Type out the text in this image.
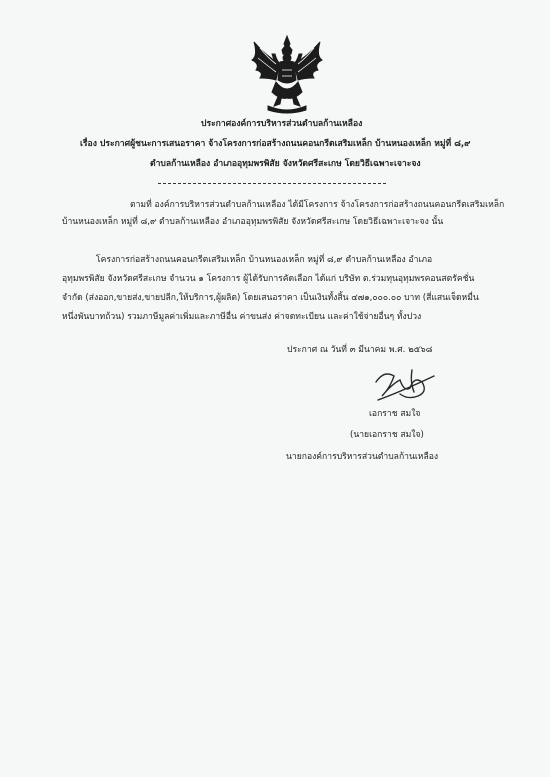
ประกาศองค์การบริหารส่วนตำบลก้านเหลือง
เรื่อง ประกาศผู้ชนะการเสนอราคา จ้างโครงการก่อสร้างถนนคอนกรีตเสริมเหล็ก บ้านหนองเหล็ก หมู่ที่ ๘,๙
ตำบลก้านเหลือง อำเภออุทุมพรพิสัย จังหวัดศรีสะเกษ โดยวิธีเฉพาะเจาะจง
ตามที่ องค์การบริหารส่วนตำบลก้านเหลือง ได้มีโครงการ จ้างโครงการก่อสร้างถนนคอนกรีตเสริมเหล็ก
บ้านหนองเหล็ก หมู่ที่ ๘,๙ ตำบลก้านเหลือง อำเภออุทุมพรพิสัย จังหวัดศรีสะเกษ โดยวิธีเฉพาะเจาะจง นั้น
โครงการก่อสร้างถนนคอนกรีตเสริมเหล็ก บ้านหนองเหล็ก หมู่ที่ ๘,๙ ตำบลก้านเหลือง อำเภอ
อุทุมพรพิสัย จังหวัดศรีสะเกษ จำนวน ๑ โครงการ ผู้ได้รับการคัดเลือก ได้แก่ บริษัท ต.ร่วมทุนอุทุมพรคอนสตรัคชั่น
จำกัด (ส่งออก,ขายส่ง,ขายปลีก,ให้บริการ,ผู้ผลิต) โดยเสนอราคา เป็นเงินทั้งสิ้น ๔๗๑,๐๐๐.๐๐ บาท (สี่แสนเจ็ดหมื่น
หนึ่งพันบาทถ้วน) รวมภาษีมูลค่าเพิ่มและภาษีอื่น ค่าขนส่ง ค่าจดทะเบียน และค่าใช้จ่ายอื่นๆ ทั้งปวง
ประกาศ ณ วันที่ ๓ มีนาคม พ.ศ. ๒๕๖๘
เอกราช สมใจ
(นายเอกราช สมใจ)
นายกองค์การบริหารส่วนตำบลก้านเหลือง
